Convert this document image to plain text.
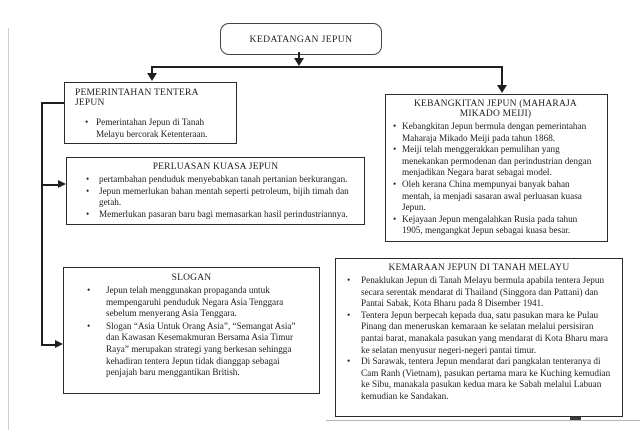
KEDATANGAN JEPUN
PEMERINTAHAN TENTERA JEPUN
• Pemerintahan Jepun di Tanah Melayu bercorak Ketenteraan.
PERLUASAN KUASA JEPUN
• pertambahan penduduk menyebabkan tanah pertanian berkurangan.
• Jepun memerlukan bahan mentah seperti petroleum, bijih timah dan getah.
• Memerlukan pasaran baru bagi memasarkan hasil perindustriannya.
SLOGAN
• Jepun telah menggunakan propaganda untuk mempengaruhi penduduk Negara Asia Tenggara sebelum menyerang Asia Tenggara.
• Slogan “Asia Untuk Orang Asia”, “Semangat Asia” dan Kawasan Kesemakmuran Bersama Asia Timur Raya” merupakan strategi yang berkesan sehingga kehadiran tentera Jepun tidak dianggap sebagai penjajah baru menggantikan British.
KEBANGKITAN JEPUN (MAHARAJA MIKADO MEIJI)
• Kebangkitan Jepun bermula dengan pemerintahan Maharaja Mikado Meiji pada tahun 1868.
• Meiji telah menggerakkan pemulihan yang menekankan permodenan dan perindustrian dengan menjadikan Negara barat sebagai model.
• Oleh kerana China mempunyai banyak bahan mentah, ia menjadi sasaran awal perluasan kuasa Jepun.
• Kejayaan Jepun mengalahkan Rusia pada tahun 1905, mengangkat Jepun sebagai kuasa besar.
KEMARAAN JEPUN DI TANAH MELAYU
• Penaklukan Jepun di Tanah Melayu bermula apabila tentera Jepun secara serentak mendarat di Thailand (Singgora dan Pattani) dan Pantai Sabak, Kota Bharu pada 8 Disember 1941.
• Tentera Jepun berpecah kepada dua, satu pasukan mara ke Pulau Pinang dan meneruskan kemaraan ke selatan melalui persisiran pantai barat, manakala pasukan yang mendarat di Kota Bharu mara ke selatan menyusur negeri-negeri pantai timur.
• Di Sarawak, tentera Jepun mendarat dari pangkalan tenteranya di Cam Ranh (Vietnam), pasukan pertama mara ke Kuching kemudian ke Sibu, manakala pasukan kedua mara ke Sabah melalui Labuan kemudian ke Sandakan.
